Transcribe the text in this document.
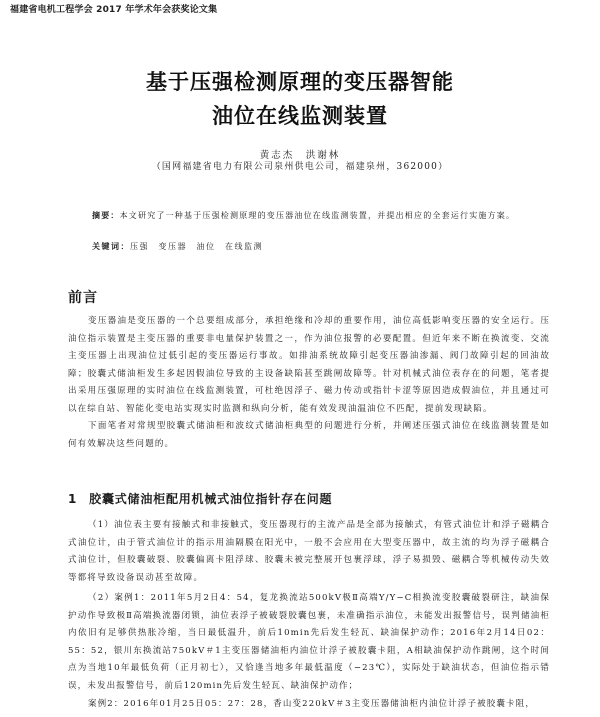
福建省电机工程学会 2017 年学术年会获奖论文集
基于压强检测原理的变压器智能
油位在线监测装置
黄志杰　洪谢林
（国网福建省电力有限公司泉州供电公司，福建泉州，362000）
摘要：本文研究了一种基于压强检测原理的变压器油位在线监测装置，并提出相应的全套运行实施方案。
关键词：压强　变压器　油位　在线监测
前言

变压器油是变压器的一个总要组成部分，承担绝缘和冷却的重要作用，油位高低影响变压器的安全运行。压油位指示装置是主变压器的重要非电量保护装置之一，作为油位报警的必要配置。但近年来不断在换流变、交流主变压器上出现油位过低引起的变压器运行事故。如排油系统故障引起变压器油渗漏、阀门故障引起的回油故障；胶囊式储油柜发生多起因假油位导致的主设备缺陷甚至跳闸故障等。针对机械式油位表存在的问题，笔者提出采用压强原理的实时油位在线监测装置，可杜绝因浮子、磁力传动或指针卡涩等原因造成假油位，并且通过可以在综自站、智能化变电站实现实时监测和纵向分析，能有效发现油温油位不匹配，提前发现缺陷。

下面笔者对常规型胶囊式储油柜和波纹式储油柜典型的问题进行分析，并阐述压强式油位在线监测装置是如何有效解决这些问题的。

1 胶囊式储油柜配用机械式油位指针存在问题

（1）油位表主要有接触式和非接触式，变压器现行的主流产品是全部为接触式，有管式油位计和浮子磁耦合式油位计，由于管式油位计的指示用油隔膜在阳光中，一般不会应用在大型变压器中，故主流的均为浮子磁耦合式油位计，但胶囊破裂、胶囊偏离卡阻浮球、胶囊未被完整展开包裹浮球，浮子易损毁、磁耦合等机械传动失效等都将导致设备误动甚至故障。

（2）案例1：2011年5月2日4：54，复龙换流站500kV极Ⅱ高端Y/Y−C相换流变胶囊破裂研注，缺油保护动作导致极Ⅱ高端换流器闭锁，油位表浮子被破裂胶囊包裹，未准确指示油位，未能发出报警信号，误判储油柜内依旧有足够供热胀冷缩，当日最低温升，前后10min先后发生轻瓦、缺油保护动作；2016年2月14日02：55：52，银川东换流站750kV＃1主变压器储油柜内油位计浮子被胶囊卡阻，A相缺油保护动作跳闸，这个时间点为当地10年最低负荷（正月初七），又恰逢当地多年最低温度（−23℃），实际处于缺油状态，但油位指示错误，未发出报警信号，前后120min先后发生轻瓦、缺油保护动作；

案例2：2016年01月25日05：27：28，香山变220kV＃3主变压器储油柜内油位计浮子被胶囊卡阻，
